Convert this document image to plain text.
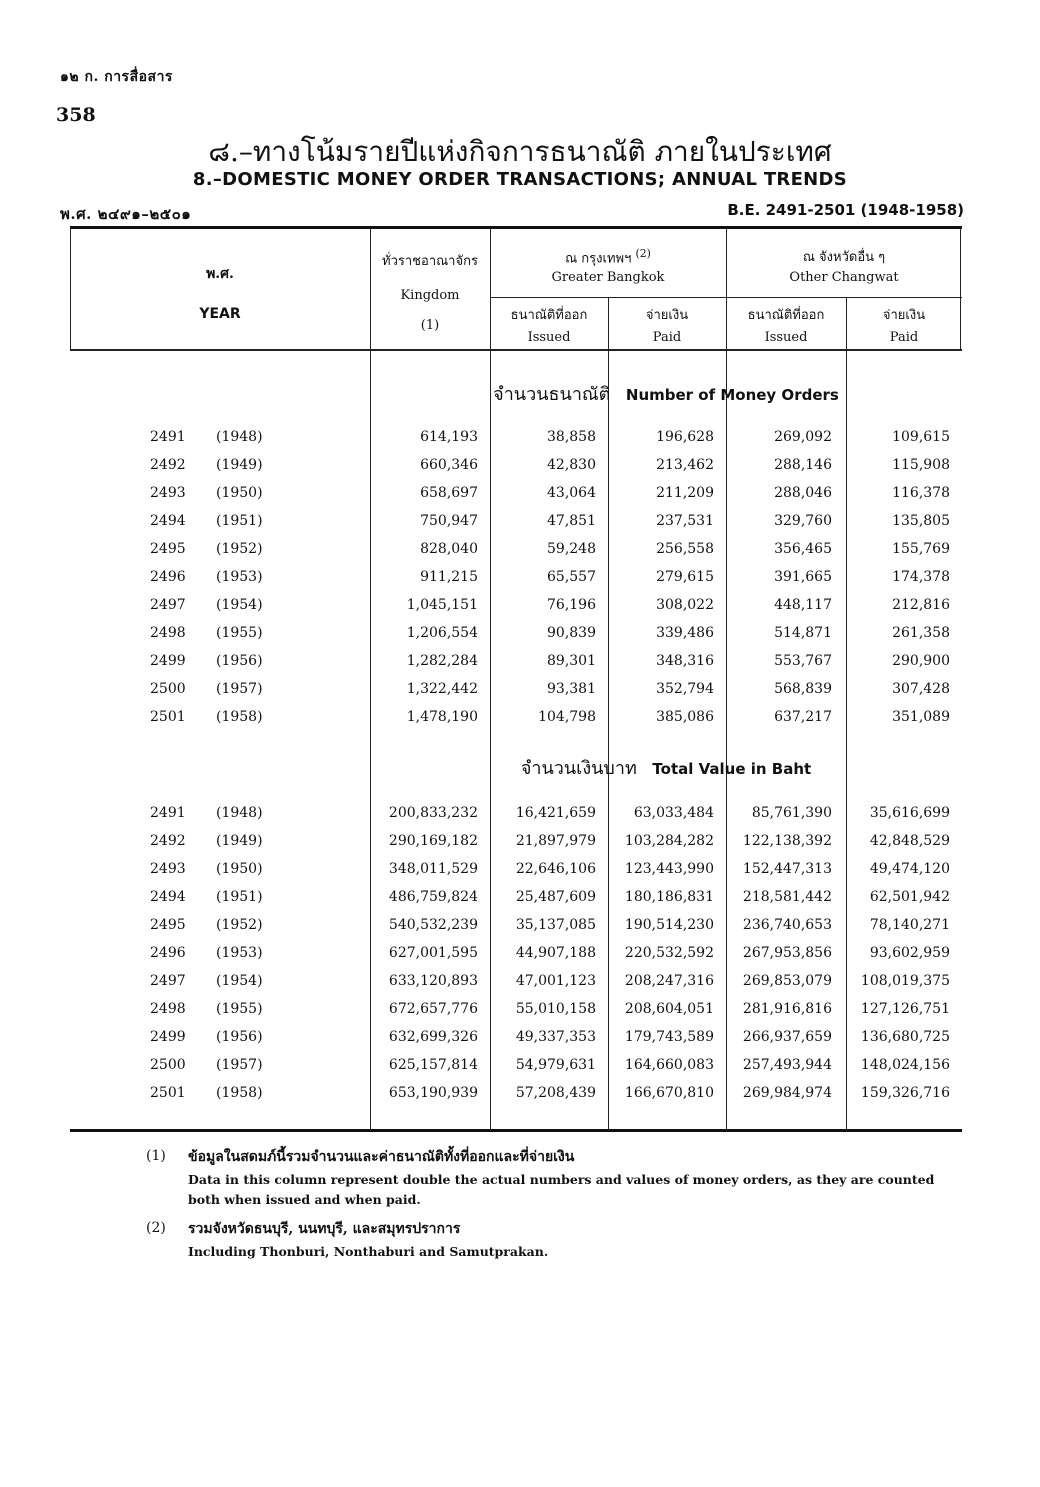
๑๒ ก. การสื่อสาร
358
๘.–ทางโน้มรายปีแห่งกิจการธนาณัติ ภายในประเทศ
8.–DOMESTIC MONEY ORDER TRANSACTIONS; ANNUAL TRENDS
พ.ศ. ๒๔๙๑–๒๕๐๑	B.E. 2491-2501 (1948-1958)
พ.ศ.
YEAR
ทั่วราชอาณาจักร
Kingdom
(1)
ณ กรุงเทพฯ $^{(2)}$
Greater Bangkok
ณ จังหวัดอื่น ๆ
Other Changwat
ธนาณัติที่ออก
Issued
จ่ายเงิน
Paid
ธนาณัติที่ออก
Issued
จ่ายเงิน
Paid
จำนวนธนาณัติ Number of Money Orders
2491	(1948)	614,193	38,858	196,628	269,092	109,615
2492	(1949)	660,346	42,830	213,462	288,146	115,908
2493	(1950)	658,697	43,064	211,209	288,046	116,378
2494	(1951)	750,947	47,851	237,531	329,760	135,805
2495	(1952)	828,040	59,248	256,558	356,465	155,769
2496	(1953)	911,215	65,557	279,615	391,665	174,378
2497	(1954)	1,045,151	76,196	308,022	448,117	212,816
2498	(1955)	1,206,554	90,839	339,486	514,871	261,358
2499	(1956)	1,282,284	89,301	348,316	553,767	290,900
2500	(1957)	1,322,442	93,381	352,794	568,839	307,428
2501	(1958)	1,478,190	104,798	385,086	637,217	351,089
จำนวนเงินบาท Total Value in Baht
2491	(1948)	200,833,232	16,421,659	63,033,484	85,761,390	35,616,699
2492	(1949)	290,169,182	21,897,979	103,284,282	122,138,392	42,848,529
2493	(1950)	348,011,529	22,646,106	123,443,990	152,447,313	49,474,120
2494	(1951)	486,759,824	25,487,609	180,186,831	218,581,442	62,501,942
2495	(1952)	540,532,239	35,137,085	190,514,230	236,740,653	78,140,271
2496	(1953)	627,001,595	44,907,188	220,532,592	267,953,856	93,602,959
2497	(1954)	633,120,893	47,001,123	208,247,316	269,853,079	108,019,375
2498	(1955)	672,657,776	55,010,158	208,604,051	281,916,816	127,126,751
2499	(1956)	632,699,326	49,337,353	179,743,589	266,937,659	136,680,725
2500	(1957)	625,157,814	54,979,631	164,660,083	257,493,944	148,024,156
2501	(1958)	653,190,939	57,208,439	166,670,810	269,984,974	159,326,716
(1) ข้อมูลในสดมภ์นี้รวมจำนวนและค่าธนาณัติทั้งที่ออกและที่จ่ายเงิน
Data in this column represent double the actual numbers and values of money orders, as they are counted
both when issued and when paid.
(2) รวมจังหวัดธนบุรี, นนทบุรี, และสมุทรปราการ
Including Thonburi, Nonthaburi and Samutprakan.
